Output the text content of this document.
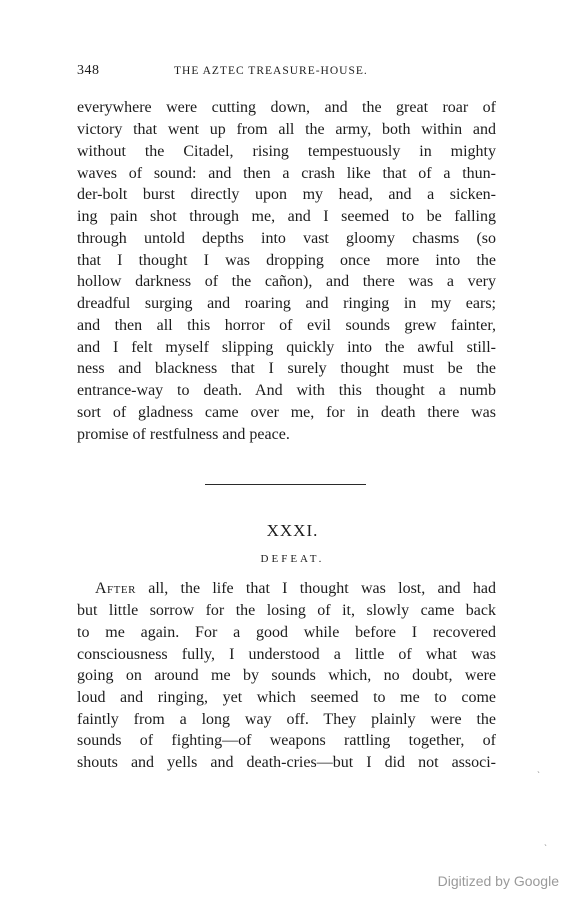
348	THE AZTEC TREASURE-HOUSE.
everywhere were cutting down, and the great roar of
victory that went up from all the army, both within and
without the Citadel, rising tempestuously in mighty
waves of sound: and then a crash like that of a thun-
der-bolt burst directly upon my head, and a sicken-
ing pain shot through me, and I seemed to be falling
through untold depths into vast gloomy chasms (so
that I thought I was dropping once more into the
hollow darkness of the cañon), and there was a very
dreadful surging and roaring and ringing in my ears;
and then all this horror of evil sounds grew fainter,
and I felt myself slipping quickly into the awful still-
ness and blackness that I surely thought must be the
entrance-way to death. And with this thought a numb
sort of gladness came over me, for in death there was
promise of restfulness and peace.
XXXI.
DEFEAT.
After all, the life that I thought was lost, and had
but little sorrow for the losing of it, slowly came back
to me again. For a good while before I recovered
consciousness fully, I understood a little of what was
going on around me by sounds which, no doubt, were
loud and ringing, yet which seemed to me to come
faintly from a long way off. They plainly were the
sounds of fighting—of weapons rattling together, of
shouts and yells and death-cries—but I did not associ-	ˎ
ˎ
Digitized by Google
